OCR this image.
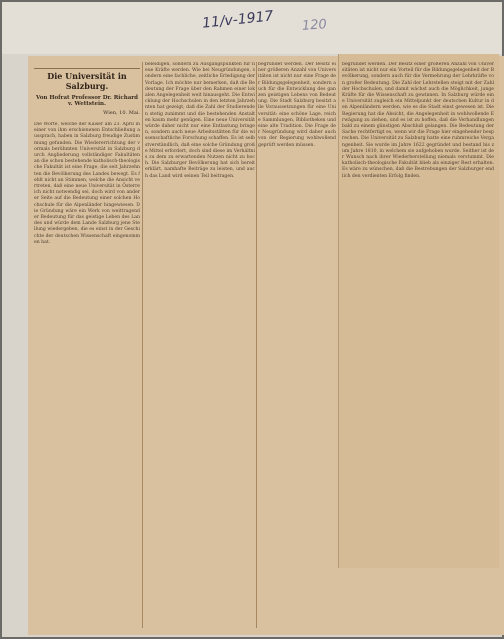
11/v-1917 120
Die Universität in Salzburg.
Von Hofrat Professor Dr. Richard v. Wettstein.
Wien, 10. Mai.
Die Worte, welche der Kaiser am 23. April in einer von ihm erschienenen Entschließung aussprach, haben in Salzburg freudige Zustimmung gefunden. Die Wiedererrichtung der vormals berühmten Universität in Salzburg durch Angliederung vollständiger Fakultäten an die schon bestehende katholisch-theologische Fakultät ist eine Frage, die seit Jahrzehnten die Bevölkerung des Landes bewegt. Es fehlt nicht an Stimmen, welche die Ansicht vertreten, daß eine neue Universität in Österreich nicht notwendig sei, doch wird von anderer Seite auf die Bedeutung einer solchen Hochschule für die Alpenländer hingewiesen. Die Gründung wäre ein Werk von weittragender Bedeutung für das geistige Leben des Landes und würde dem Lande Salzburg jene Stellung wiedergeben, die es einst in der Geschichte der deutschen Wissenschaft eingenommen hat.
beleidigen, sondern zu Ausgangspunkten für neue Kräfte werden. Wie bei Neugründungen, sondern eine fachliche, zeitliche Erledigung der Vorlage. Ich möchte nur bemerken, daß die Bedeutung der Frage über den Rahmen einer lokalen Angelegenheit weit hinausgeht. Die Entwicklung der Hochschulen in den letzten Jahrzehnten hat gezeigt, daß die Zahl der Studierenden stetig zunimmt und die bestehenden Anstalten kaum mehr genügen. Eine neue Universität würde daher nicht nur eine Entlastung bringen, sondern auch neue Arbeitsstätten für die wissenschaftliche Forschung schaffen. Es ist selbstverständlich, daß eine solche Gründung große Mittel erfordert, doch sind diese im Verhältnis zu dem zu erwartenden Nutzen nicht zu hoch. Die Salzburger Bevölkerung hat sich bereit erklärt, namhafte Beiträge zu leisten, und auch das Land wird seinen Teil beitragen.
begründet werden. Der Besitz einer größeren Anzahl von Universitäten ist nicht nur eine Frage der Bildungsgelegenheit, sondern auch für die Entwicklung des ganzen geistigen Lebens von Bedeutung. Die Stadt Salzburg besitzt alle Voraussetzungen für eine Universität: eine schöne Lage, reiche Sammlungen, Bibliotheken und eine alte Tradition. Die Frage der Neugründung wird daher auch von der Regierung wohlwollend geprüft werden müssen.
begründet werden. Der Besitz einer größeren Anzahl von Universitäten ist nicht nur ein Vorteil für die Bildungsgelegenheit der Bevölkerung, sondern auch für die Vermehrung der Lehrkräfte von großer Bedeutung. Die Zahl der Lehrstellen steigt mit der Zahl der Hochschulen, und damit wächst auch die Möglichkeit, junge Kräfte für die Wissenschaft zu gewinnen. In Salzburg würde eine Universität zugleich ein Mittelpunkt der deutschen Kultur in den Alpenländern werden, wie es die Stadt einst gewesen ist. Die Regierung hat die Absicht, die Angelegenheit in wohlwollende Erwägung zu ziehen, und es ist zu hoffen, daß die Verhandlungen bald zu einem günstigen Abschluß gelangen. Die Bedeutung der Sache rechtfertigt es, wenn wir die Frage hier eingehender besprechen. Die Universität zu Salzburg hatte eine ruhmreiche Vergangenheit. Sie wurde im Jahre 1622 gegründet und bestand bis zum Jahre 1810, in welchem sie aufgehoben wurde. Seither ist der Wunsch nach ihrer Wiederherstellung niemals verstummt. Die katholisch-theologische Fakultät blieb als einziger Rest erhalten. Es wäre zu wünschen, daß die Bestrebungen der Salzburger endlich den verdienten Erfolg finden.
